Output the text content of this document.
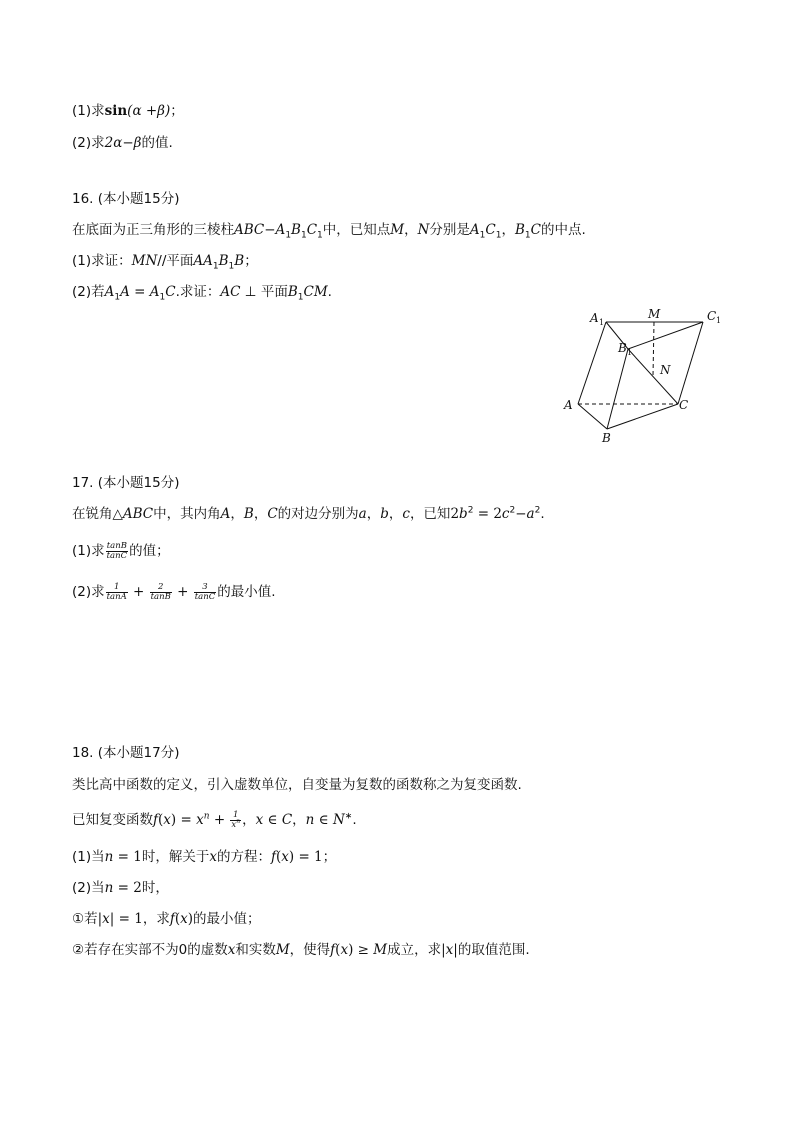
(1)求sin(α +β)；
(2)求2α−β的值.
16. (本小题15分)
在底面为正三角形的三棱柱$ABC-A_1B_1C_1$中，已知点M，N分别是$A_1C_1$，$B_1C$的中点.
(1)求证：MN//平面$AA_1B_1B$；
(2)若$A_1A = A_1C$.求证：AC ⊥ 平面$B_1CM$.
A 1
M	C 1
B 1
N
A	C
B
17. (本小题15分)
在锐角△ABC中，其内角A，B，C的对边分别为a，b，c，已知$2b^2 = 2c^2-a^2$.
(1)求 $\frac{\tan B}{\tan C}$ 的值；
(2)求 $\frac{1}{\tan A} + \frac{2}{\tan B} + \frac{3}{\tan C}$ 的最小值.
18. (本小题17分)
类比高中函数的定义，引入虚数单位，自变量为复数的函数称之为复变函数.
已知复变函数$f(x) = x^n + \frac{1}{x^n}$ ，x ∈ C，n ∈ N∗.
(1)当n = 1时，解关于x的方程：f(x) = 1；
(2)当n = 2时，
①若|x| = 1，求f(x)的最小值；
②若存在实部不为0的虚数x和实数M，使得f(x) ≥ M成立，求|x|的取值范围.
